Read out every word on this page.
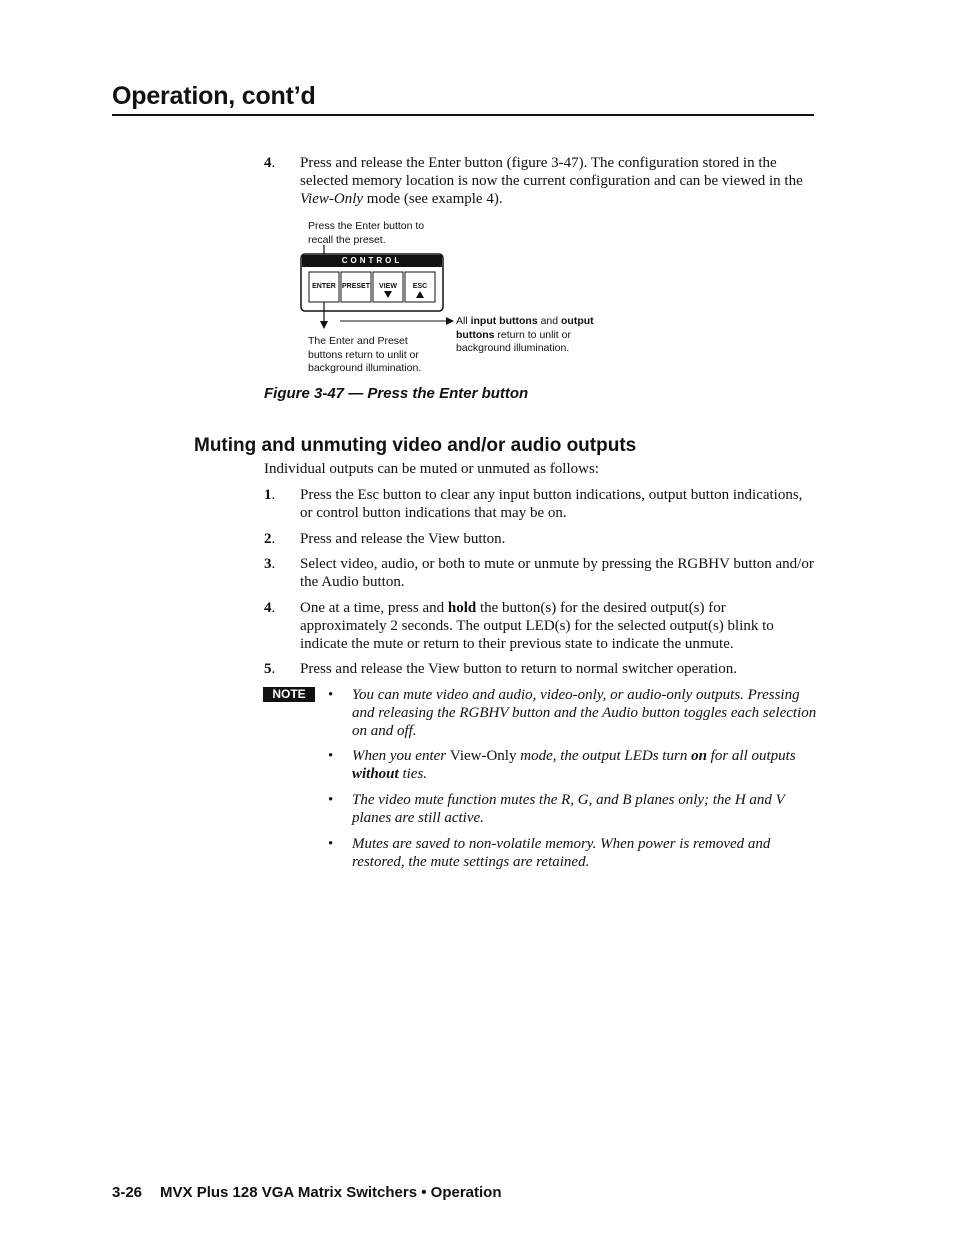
Operation, cont’d
4.	Press and release the Enter button (figure 3-47). The configuration stored in the selected memory location is now the current configuration and can be viewed in the View-Only mode (see example 4).
Press the Enter button to
recall the preset.
CONTROL
ENTER PRESET	VIEW	ESC
All input buttons and output
buttons return to unlit or
background illumination.
The Enter and Preset
buttons return to unlit or
background illumination.
Figure 3-47 — Press the Enter button
Muting and unmuting video and/or audio outputs
Individual outputs can be muted or unmuted as follows:
1.	Press the Esc button to clear any input button indications, output button indications, or control button indications that may be on.
2.	Press and release the View button.
3.	Select video, audio, or both to mute or unmute by pressing the RGBHV button and/or the Audio button.
4.	One at a time, press and hold the button(s) for the desired output(s) for approximately 2 seconds. The output LED(s) for the selected output(s) blink to indicate the mute or return to their previous state to indicate the unmute.
5.	Press and release the View button to return to normal switcher operation.
NOTE	• You can mute video and audio, video-only, or audio-only outputs. Pressing and releasing the RGBHV button and the Audio button toggles each selection on and off.
• When you enter View-Only mode, the output LEDs turn on for all outputs without ties.
• The video mute function mutes the R, G, and B planes only; the H and V planes are still active.
• Mutes are saved to non-volatile memory. When power is removed and restored, the mute settings are retained.
3-26 MVX Plus 128 VGA Matrix Switchers • Operation
